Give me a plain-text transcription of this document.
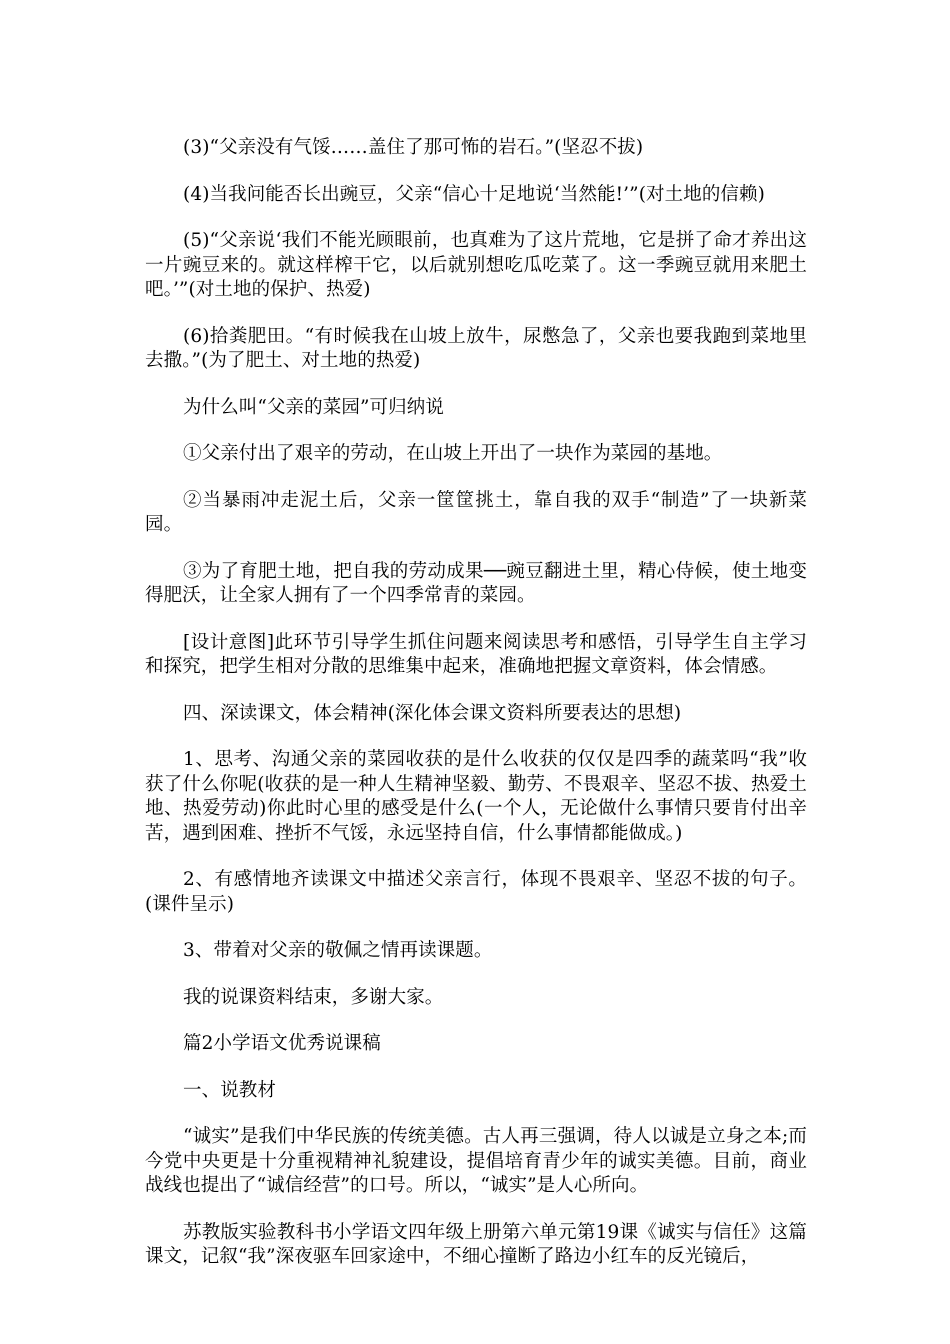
(3)“父亲没有气馁……盖住了那可怖的岩石。”(坚忍不拔)

(4)当我问能否长出豌豆，父亲“信心十足地说‘当然能!’”(对土地的信赖)

(5)“父亲说‘我们不能光顾眼前，也真难为了这片荒地，它是拼了命才养出这一片豌豆来的。就这样榨干它，以后就别想吃瓜吃菜了。这一季豌豆就用来肥土吧。’”(对土地的保护、热爱)

(6)拾粪肥田。“有时候我在山坡上放牛，尿憋急了，父亲也要我跑到菜地里去撒。”(为了肥土、对土地的热爱)

为什么叫“父亲的菜园”可归纳说

①父亲付出了艰辛的劳动，在山坡上开出了一块作为菜园的基地。

②当暴雨冲走泥土后，父亲一筐筐挑土，靠自我的双手“制造”了一块新菜园。

③为了育肥土地，把自我的劳动成果──豌豆翻进土里，精心侍候，使土地变得肥沃，让全家人拥有了一个四季常青的菜园。

[设计意图]此环节引导学生抓住问题来阅读思考和感悟，引导学生自主学习和探究，把学生相对分散的思维集中起来，准确地把握文章资料，体会情感。

四、深读课文，体会精神(深化体会课文资料所要表达的思想)

1、思考、沟通父亲的菜园收获的是什么收获的仅仅是四季的蔬菜吗“我”收获了什么你呢(收获的是一种人生精神坚毅、勤劳、不畏艰辛、坚忍不拔、热爱土地、热爱劳动)你此时心里的感受是什么(一个人，无论做什么事情只要肯付出辛苦，遇到困难、挫折不气馁，永远坚持自信，什么事情都能做成。)

2、有感情地齐读课文中描述父亲言行，体现不畏艰辛、坚忍不拔的句子。(课件呈示)

3、带着对父亲的敬佩之情再读课题。

我的说课资料结束，多谢大家。

篇2小学语文优秀说课稿

一、说教材

“诚实”是我们中华民族的传统美德。古人再三强调，待人以诚是立身之本;而今党中央更是十分重视精神礼貌建设，提倡培育青少年的诚实美德。目前，商业战线也提出了“诚信经营”的口号。所以，“诚实”是人心所向。

苏教版实验教科书小学语文四年级上册第六单元第19课《诚实与信任》这篇课文，记叙“我”深夜驱车回家途中，不细心撞断了路边小红车的反光镜后，
